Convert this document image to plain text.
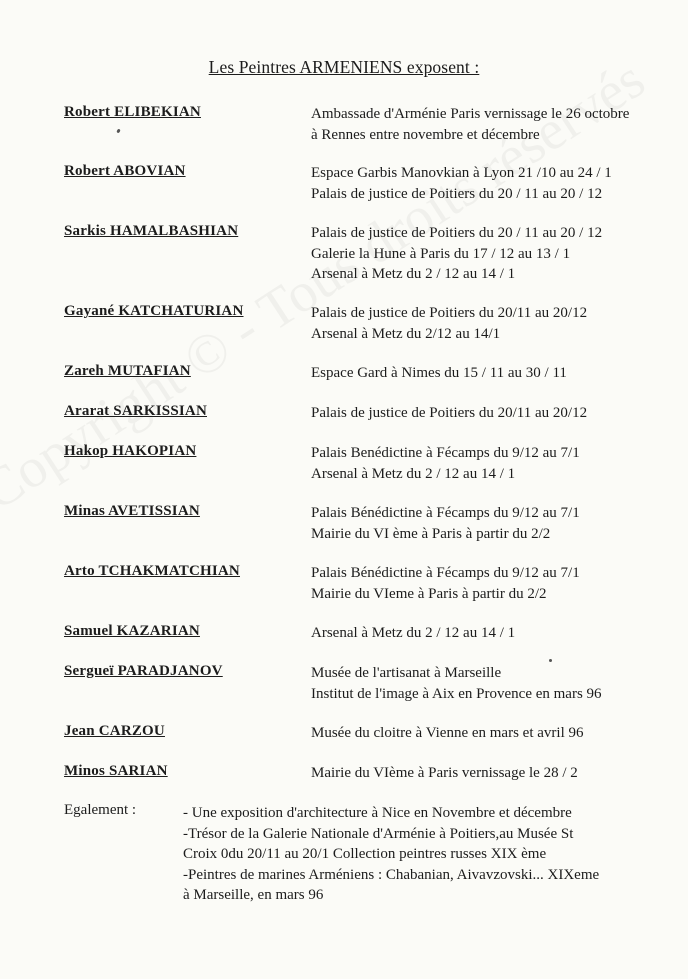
Les Peintres ARMENIENS exposent :
Robert ELIBEKIAN	Ambassade d'Arménie Paris vernissage le 26 octobre
à Rennes entre novembre et décembre
Robert ABOVIAN	Espace Garbis Manovkian à Lyon 21 /10 au 24 / 1
Palais de justice de Poitiers du 20 / 11 au 20 / 12
Sarkis HAMALBASHIAN	Palais de justice de Poitiers du 20 / 11 au 20 / 12
Galerie la Hune à Paris du 17 / 12 au 13 / 1
Arsenal à Metz du 2 / 12 au 14 / 1
Gayané KATCHATURIAN	Palais de justice de Poitiers du 20/11 au 20/12
Arsenal à Metz du 2/12 au 14/1
Zareh MUTAFIAN	Espace Gard à Nimes du 15 / 11 au 30 / 11
Ararat SARKISSIAN	Palais de justice de Poitiers du 20/11 au 20/12
Hakop HAKOPIAN	Palais Benédictine à Fécamps du 9/12 au 7/1
Arsenal à Metz du 2 / 12 au 14 / 1
Minas AVETISSIAN	Palais Bénédictine à Fécamps du 9/12 au 7/1
Mairie du VI ème à Paris à partir du 2/2
Arto TCHAKMATCHIAN	Palais Bénédictine à Fécamps du 9/12 au 7/1
Mairie du VIeme à Paris à partir du 2/2
Samuel KAZARIAN	Arsenal à Metz du 2 / 12 au 14 / 1
Sergueï PARADJANOV	Musée de l'artisanat à Marseille
Institut de l'image à Aix en Provence en mars 96
Jean CARZOU	Musée du cloitre à Vienne en mars et avril 96
Minos SARIAN	Mairie du VIème à Paris vernissage le 28 / 2
Egalement :	- Une exposition d'architecture à Nice en Novembre et décembre
-Trésor de la Galerie Nationale d'Arménie à Poitiers,au Musée St
Croix 0du 20/11 au 20/1 Collection peintres russes XIX ème
-Peintres de marines Arméniens : Chabanian, Aivavzovski... XIXeme
à Marseille, en mars 96
